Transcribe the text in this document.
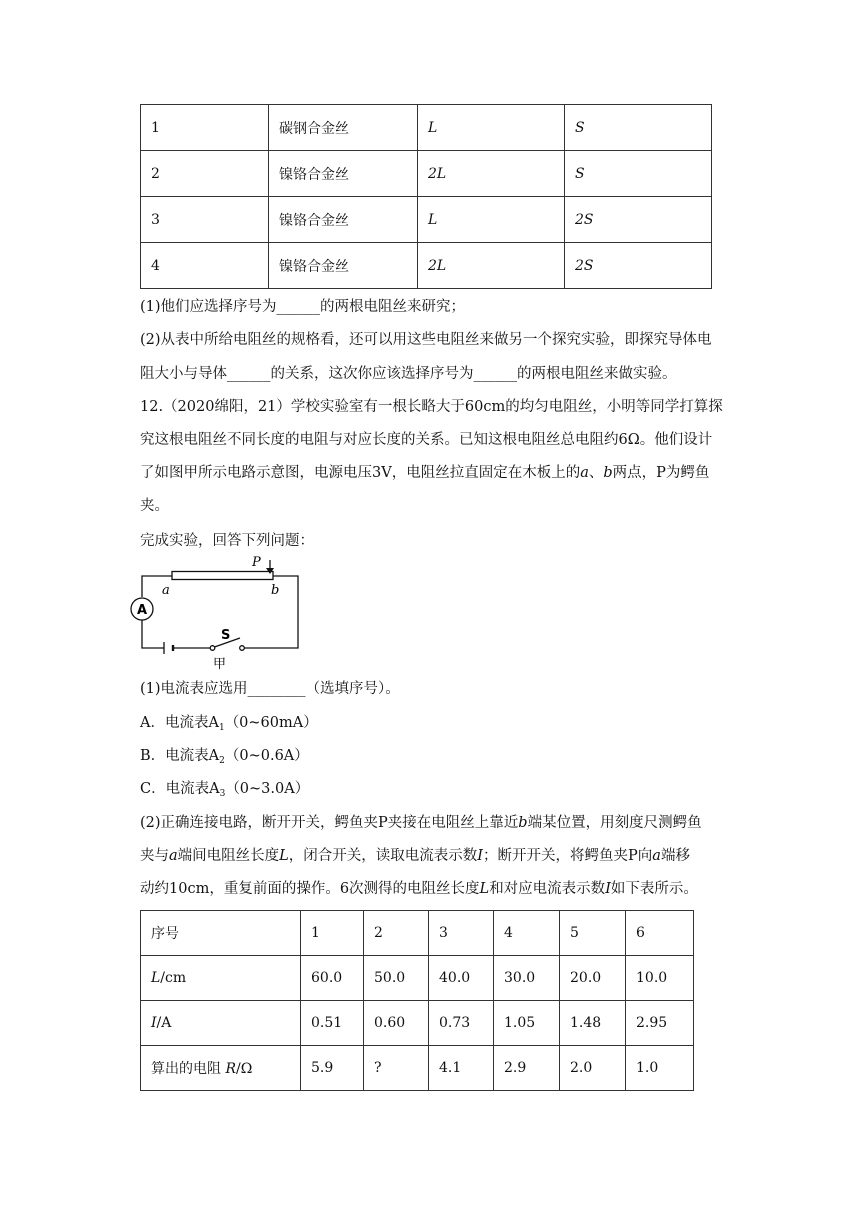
1	碳钢合金丝	L	S
2	镍铬合金丝	2L	S
3	镍铬合金丝	L	2S
4	镍铬合金丝	2L	2S
(1)他们应选择序号为______的两根电阻丝来研究；
(2)从表中所给电阻丝的规格看，还可以用这些电阻丝来做另一个探究实验，即探究导体电
阻大小与导体______的关系，这次你应该选择序号为______的两根电阻丝来做实验。
12.（2020绵阳，21）学校实验室有一根长略大于60cm的均匀电阻丝，小明等同学打算探
究这根电阻丝不同长度的电阻与对应长度的关系。已知这根电阻丝总电阻约6Ω。他们设计
了如图甲所示电路示意图，电源电压3V，电阻丝拉直固定在木板上的a、b两点，P为鳄鱼
夹。
完成实验，回答下列问题：
P
a	b
A
S
甲
(1)电流表应选用________（选填序号）。
A．电流表$A_1(0\sim 60mA)$
B．电流表$A_2(0\sim 0.6A)$
C．电流表$A_3(0\sim 3.0A)$
(2)正确连接电路，断开开关，鳄鱼夹P夹接在电阻丝上靠近b端某位置，用刻度尺测鳄鱼
夹与a端间电阻丝长度L，闭合开关，读取电流表示数I；断开开关，将鳄鱼夹P向a端移
动约10cm，重复前面的操作。6次测得的电阻丝长度L和对应电流表示数I如下表所示。
序号	1	2	3	4	5	6
L/cm	60.0	50.0	40.0	30.0	20.0	10.0
I/A	0.51	0.60	0.73	1.05	1.48	2.95
算出的电阻 R/Ω	5.9	?	4.1	2.9	2.0	1.0
